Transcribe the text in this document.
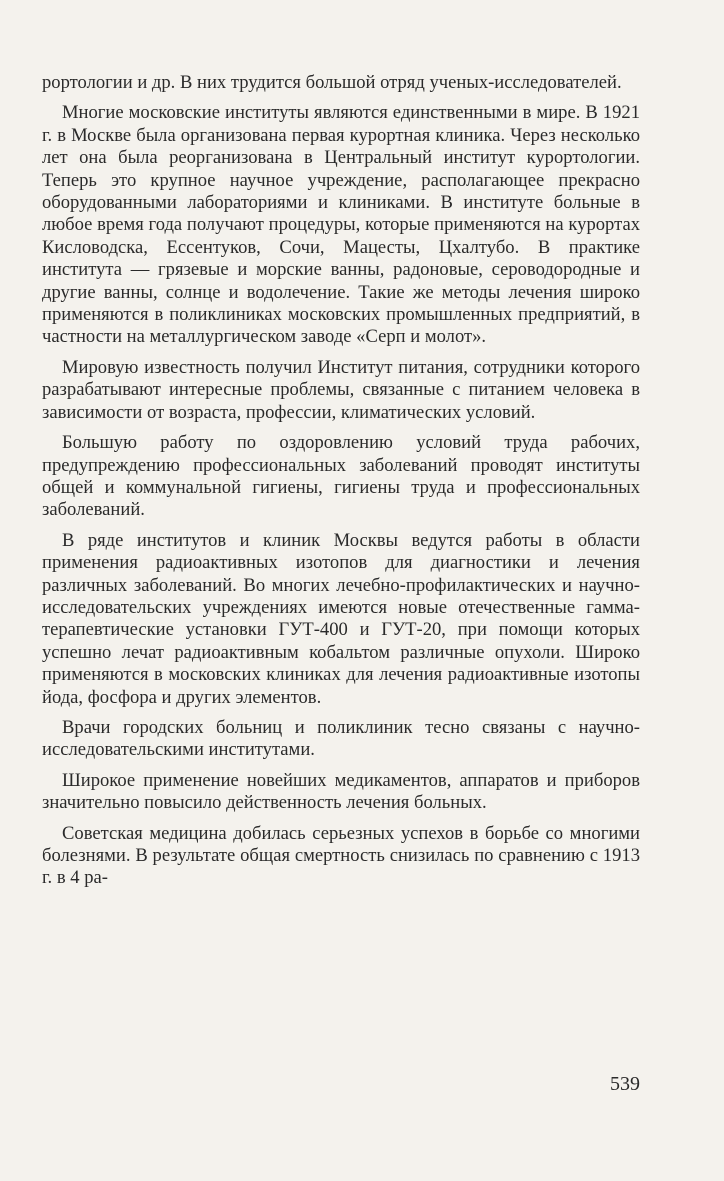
рортологии и др. В них трудится большой отряд ученых-исследователей.

Многие московские институты являются единственными в мире. В 1921 г. в Москве была организована первая курортная клиника. Через несколько лет она была реорганизована в Центральный институт курортологии. Теперь это крупное научное учреждение, располагающее прекрасно оборудованными лабораториями и клиниками. В институте больные в любое время года получают процедуры, которые применяются на курортах Кисловодска, Ессентуков, Сочи, Мацесты, Цхалтубо. В практике института — грязевые и морские ванны, радоновые, сероводородные и другие ванны, солнце и водолечение. Такие же методы лечения широко применяются в поликлиниках московских промышленных предприятий, в частности на металлургическом заводе «Серп и молот».

Мировую известность получил Институт питания, сотрудники которого разрабатывают интересные проблемы, связанные с питанием человека в зависимости от возраста, профессии, климатических условий.

Большую работу по оздоровлению условий труда рабочих, предупреждению профессиональных заболеваний проводят институты общей и коммунальной гигиены, гигиены труда и профессиональных заболеваний.

В ряде институтов и клиник Москвы ведутся работы в области применения радиоактивных изотопов для диагностики и лечения различных заболеваний. Во многих лечебно-профилактических и научно-исследовательских учреждениях имеются новые отечественные гамма-терапевтические установки ГУТ-400 и ГУТ-20, при помощи которых успешно лечат радиоактивным кобальтом различные опухоли. Широко применяются в московских клиниках для лечения радиоактивные изотопы йода, фосфора и других элементов.

Врачи городских больниц и поликлиник тесно связаны с научно-исследовательскими институтами.

Широкое применение новейших медикаментов, аппаратов и приборов значительно повысило действенность лечения больных.

Советская медицина добилась серьезных успехов в борьбе со многими болезнями. В результате общая смертность снизилась по сравнению с 1913 г. в 4 ра-

539
